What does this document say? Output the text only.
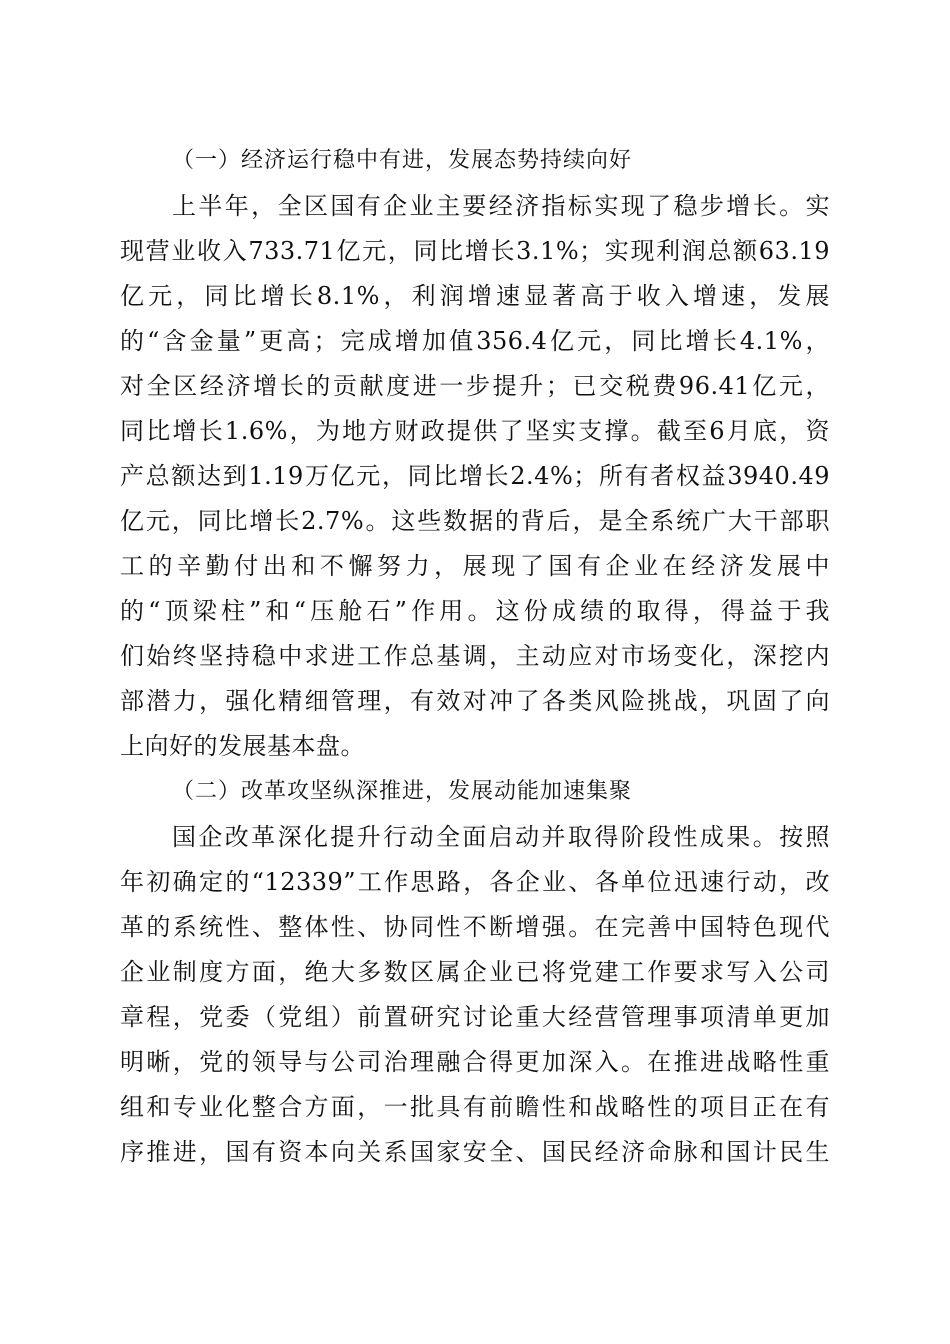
（一）经济运行稳中有进，发展态势持续向好
上半年，全区国有企业主要经济指标实现了稳步增长。实
现营业收入733.71亿元，同比增长3.1%；实现利润总额63.19
亿元，同比增长8.1%，利润增速显著高于收入增速，发展
的“含金量”更高；完成增加值356.4亿元，同比增长4.1%，
对全区经济增长的贡献度进一步提升；已交税费96.41亿元，
同比增长1.6%，为地方财政提供了坚实支撑。截至6月底，资
产总额达到1.19万亿元，同比增长2.4%；所有者权益3940.49
亿元，同比增长2.7%。这些数据的背后，是全系统广大干部职
工的辛勤付出和不懈努力，展现了国有企业在经济发展中
的“顶梁柱”和“压舱石”作用。这份成绩的取得，得益于我
们始终坚持稳中求进工作总基调，主动应对市场变化，深挖内
部潜力，强化精细管理，有效对冲了各类风险挑战，巩固了向
上向好的发展基本盘。
（二）改革攻坚纵深推进，发展动能加速集聚
国企改革深化提升行动全面启动并取得阶段性成果。按照
年初确定的“12339”工作思路，各企业、各单位迅速行动，改
革的系统性、整体性、协同性不断增强。在完善中国特色现代
企业制度方面，绝大多数区属企业已将党建工作要求写入公司
章程，党委（党组）前置研究讨论重大经营管理事项清单更加
明晰，党的领导与公司治理融合得更加深入。在推进战略性重
组和专业化整合方面，一批具有前瞻性和战略性的项目正在有
序推进，国有资本向关系国家安全、国民经济命脉和国计民生
